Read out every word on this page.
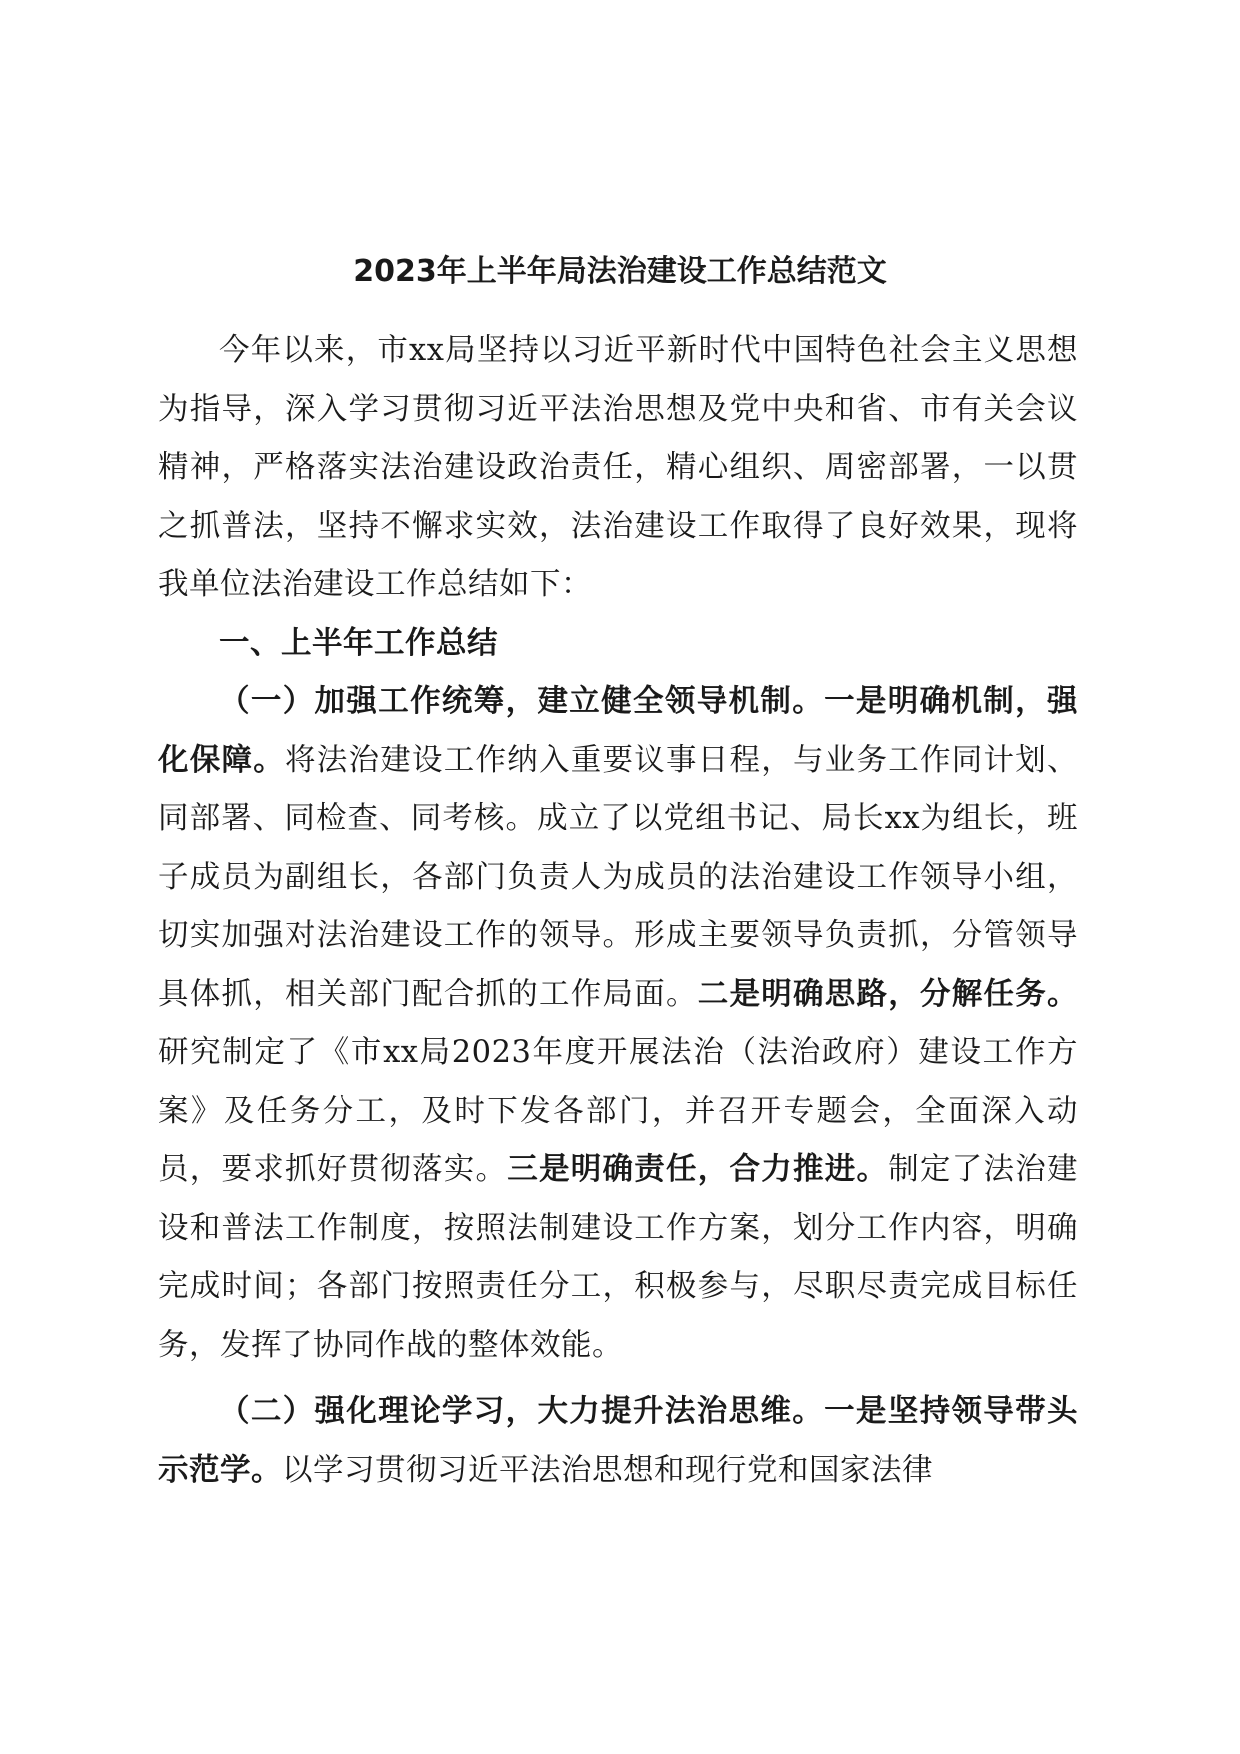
2023年上半年局法治建设工作总结范文

今年以来，市xx局坚持以习近平新时代中国特色社会主义思想为指导，深入学习贯彻习近平法治思想及党中央和省、市有关会议精神，严格落实法治建设政治责任，精心组织、周密部署，一以贯之抓普法，坚持不懈求实效，法治建设工作取得了良好效果，现将我单位法治建设工作总结如下：

一、上半年工作总结

（一）加强工作统筹，建立健全领导机制。一是明确机制，强化保障。将法治建设工作纳入重要议事日程，与业务工作同计划、同部署、同检查、同考核。成立了以党组书记、局长xx为组长，班子成员为副组长，各部门负责人为成员的法治建设工作领导小组，切实加强对法治建设工作的领导。形成主要领导负责抓，分管领导具体抓，相关部门配合抓的工作局面。二是明确思路，分解任务。研究制定了《市xx局2023年度开展法治（法治政府）建设工作方案》及任务分工，及时下发各部门，并召开专题会，全面深入动员，要求抓好贯彻落实。三是明确责任，合力推进。制定了法治建设和普法工作制度，按照法制建设工作方案，划分工作内容，明确完成时间；各部门按照责任分工，积极参与，尽职尽责完成目标任务，发挥了协同作战的整体效能。

（二）强化理论学习，大力提升法治思维。一是坚持领导带头示范学。以学习贯彻习近平法治思想和现行党和国家法律
